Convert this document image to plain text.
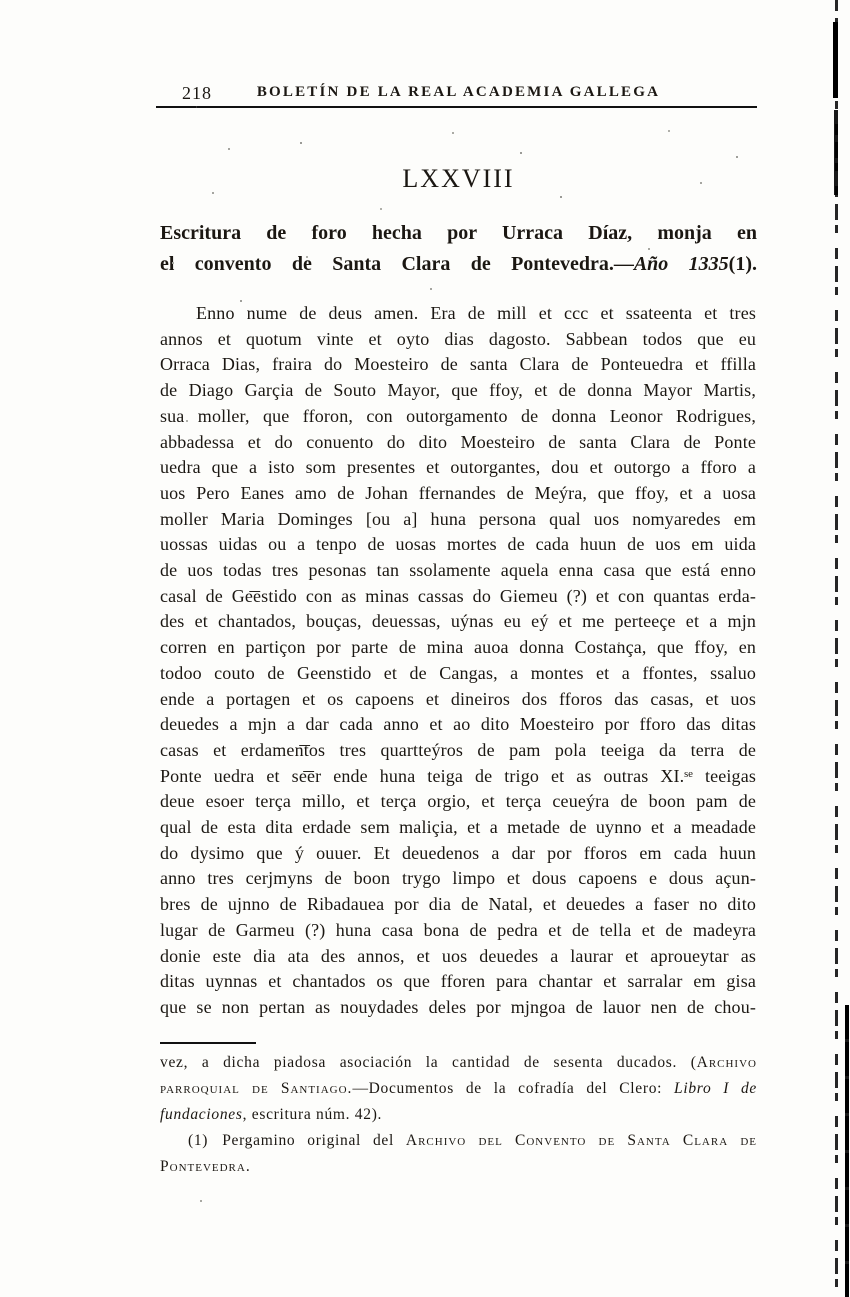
218	BOLETÍN DE LA REAL ACADEMIA GALLEGA
LXXVIII
Escritura de foro hecha por Urraca Díaz, monja en
el convento de Santa Clara de Pontevedra.—Año 1335(1).
Enno nume de deus amen. Era de mill et ccc et ssateenta et tres
annos et quotum vinte et oyto dias dagosto. Sabbean todos que eu
Orraca Dias, fraira do Moesteiro de santa Clara de Ponteuedra et ffilla
de Diago Garçia de Souto Mayor, que ffoy, et de donna Mayor Martis,
sua moller, que fforon, con outorgamento de donna Leonor Rodrigues,
abbadessa et do conuento do dito Moesteiro de santa Clara de Ponte
uedra que a isto som presentes et outorgantes, dou et outorgo a fforo a
uos Pero Eanes amo de Johan ffernandes de Meýra, que ffoy, et a uosa
moller Maria Dominges [ou a] huna persona qual uos nomyaredes em
uossas uidas ou a tenpo de uosas mortes de cada huun de uos em uida
de uos todas tres pesonas tan ssolamente aquela enna casa que está enno
casal de Ge͞estido con as minas cassas do Giemeu (?) et con quantas erda-
des et chantados, bouças, deuessas, uýnas eu eý et me perteeçe et a mjn
corren en partiçon por parte de mina auoa donna Costança, que ffoy, en
todoo couto de Geenstido et de Cangas, a montes et a ffontes, ssaluo
ende a portagen et os capoens et dineiros dos fforos das casas, et uos
deuedes a mjn a dar cada anno et ao dito Moesteiro por fforo das ditas
casas et erdamen͞tos tres quartteýros de pam pola teeiga da terra de
Ponte uedra et se͞er ende huna teiga de trigo et as outras XI.ˢᵉ teeigas
deue esoer terça millo, et terça orgio, et terça ceueýra de boon pam de
qual de esta dita erdade sem maliçia, et a metade de uynno et a meadade
do dysimo que ý ouuer. Et deuedenos a dar por fforos em cada huun
anno tres cerjmyns de boon trygo limpo et dous capoens e dous açun-
bres de ujnno de Ribadauea por dia de Natal, et deuedes a faser no dito
lugar de Garmeu (?) huna casa bona de pedra et de tella et de madeyra
donie este dia ata des annos, et uos deuedes a laurar et aproueytar as
ditas uynnas et chantados os que fforen para chantar et sarralar em gisa
que se non pertan as nouydades deles por mjngoa de lauor nen de chou-
vez, a dicha piadosa asociación la cantidad de sesenta ducados. (Archivo
parroquial de Santiago.—Documentos de la cofradía del Clero: Libro I de
fundaciones, escritura núm. 42).
(1) Pergamino original del Archivo del Convento de Santa Clara de
Pontevedra.
